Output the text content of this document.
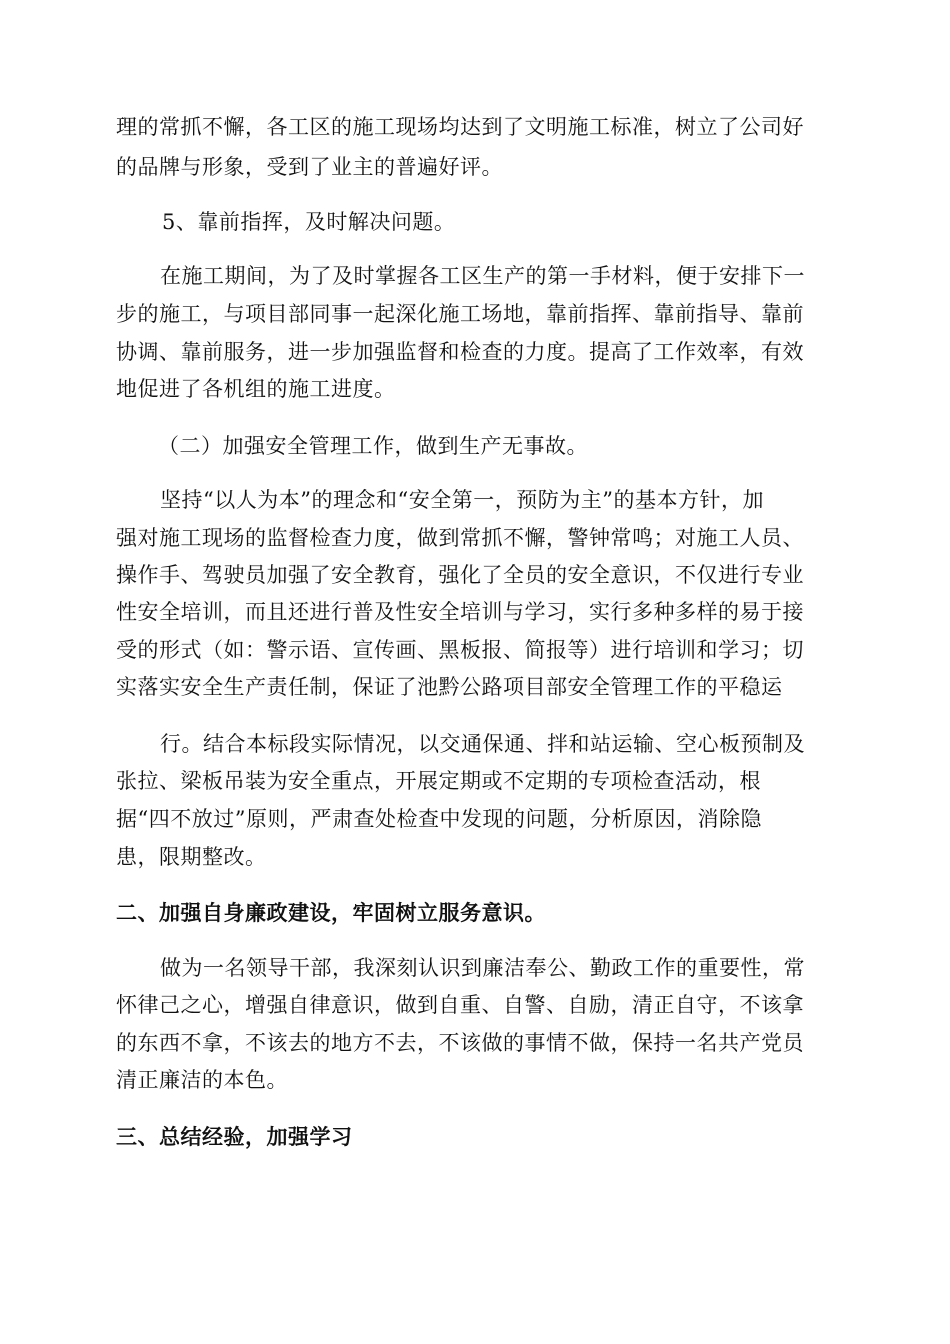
理的常抓不懈，各工区的施工现场均达到了文明施工标准，树立了公司好
的品牌与形象，受到了业主的普遍好评。
5、靠前指挥，及时解决问题。
在施工期间，为了及时掌握各工区生产的第一手材料，便于安排下一
步的施工，与项目部同事一起深化施工场地，靠前指挥、靠前指导、靠前
协调、靠前服务，进一步加强监督和检查的力度。提高了工作效率，有效
地促进了各机组的施工进度。
（二）加强安全管理工作，做到生产无事故。
坚持“以人为本”的理念和“安全第一，预防为主”的基本方针，加
强对施工现场的监督检查力度，做到常抓不懈，警钟常鸣；对施工人员、
操作手、驾驶员加强了安全教育，强化了全员的安全意识，不仅进行专业
性安全培训，而且还进行普及性安全培训与学习，实行多种多样的易于接
受的形式（如：警示语、宣传画、黑板报、简报等）进行培训和学习；切
实落实安全生产责任制，保证了池黔公路项目部安全管理工作的平稳运
行。结合本标段实际情况，以交通保通、拌和站运输、空心板预制及
张拉、梁板吊装为安全重点，开展定期或不定期的专项检查活动，根
据“四不放过”原则，严肃查处检查中发现的问题，分析原因，消除隐
患，限期整改。
二、加强自身廉政建设，牢固树立服务意识。
做为一名领导干部，我深刻认识到廉洁奉公、勤政工作的重要性，常
怀律己之心，增强自律意识，做到自重、自警、自励，清正自守，不该拿
的东西不拿，不该去的地方不去，不该做的事情不做，保持一名共产党员
清正廉洁的本色。
三、总结经验，加强学习
